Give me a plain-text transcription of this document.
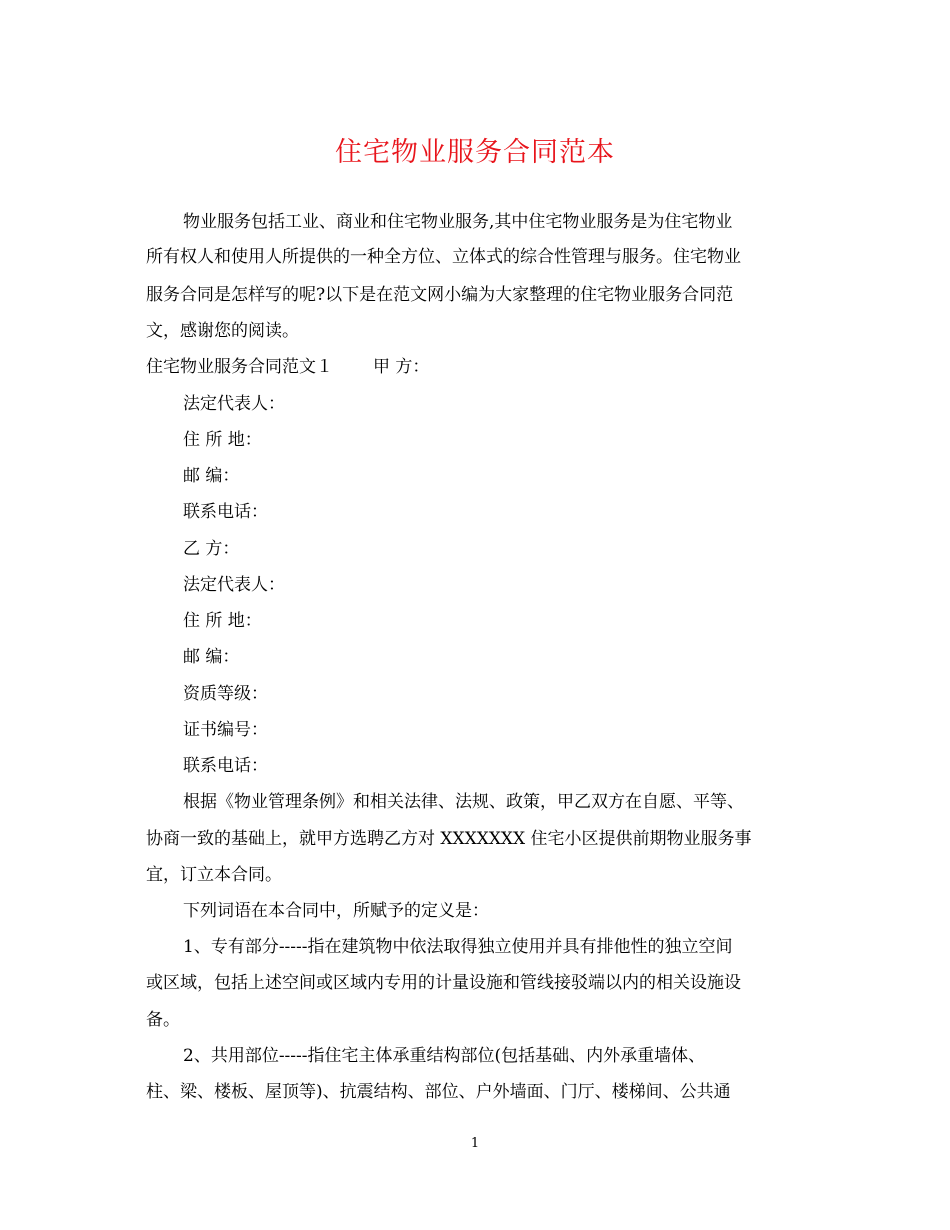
住宅物业服务合同范本
物业服务包括工业、商业和住宅物业服务,其中住宅物业服务是为住宅物业
所有权人和使用人所提供的一种全方位、立体式的综合性管理与服务。住宅物业
服务合同是怎样写的呢?以下是在范文网小编为大家整理的住宅物业服务合同范
文，感谢您的阅读。
住宅物业服务合同范文１ 甲 方：
法定代表人：
住 所 地：
邮 编：
联系电话：
乙 方：
法定代表人：
住 所 地：
邮 编：
资质等级：
证书编号：
联系电话：
根据《物业管理条例》和相关法律、法规、政策，甲乙双方在自愿、平等、
协商一致的基础上，就甲方选聘乙方对 XXXXXXX 住宅小区提供前期物业服务事
宜，订立本合同。
下列词语在本合同中，所赋予的定义是：
1、专有部分-----指在建筑物中依法取得独立使用并具有排他性的独立空间
或区域，包括上述空间或区域内专用的计量设施和管线接驳端以内的相关设施设
备。
2、共用部位-----指住宅主体承重结构部位(包括基础、内外承重墙体、
柱、梁、楼板、屋顶等)、抗震结构、部位、户外墙面、门厅、楼梯间、公共通
1
